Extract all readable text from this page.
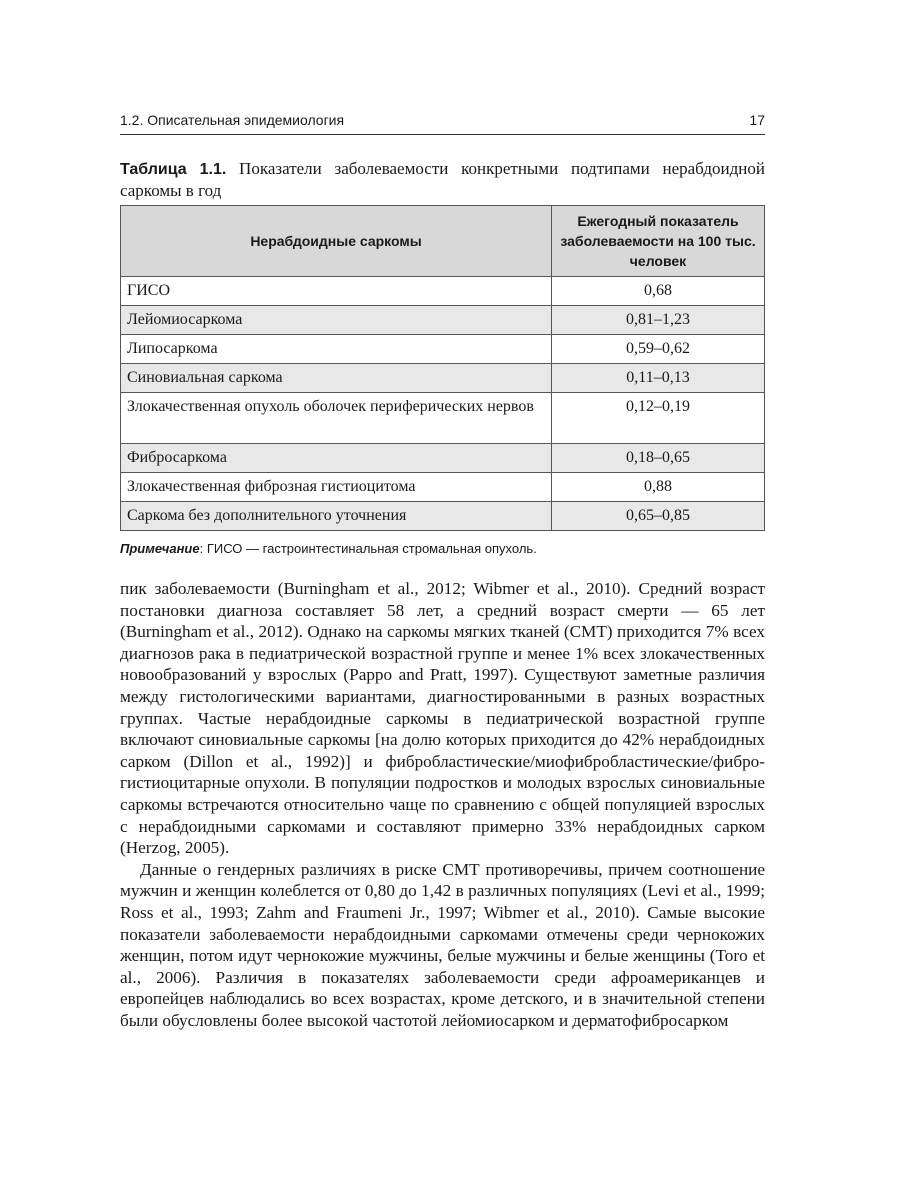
1.2. Описательная эпидемиология	17
Таблица 1.1. Показатели заболеваемости конкретными подтипами нерабдоидной саркомы в год
Нерабдоидные саркомы	Ежегодный показатель заболеваемости на 100 тыс. человек
ГИСО	0,68
Лейомиосаркома	0,81–1,23
Липосаркома	0,59–0,62
Синовиальная саркома	0,11–0,13
Злокачественная опухоль оболочек периферических нервов	0,12–0,19
Фибросаркома	0,18–0,65
Злокачественная фиброзная гистиоцитома	0,88
Саркома без дополнительного уточнения	0,65–0,85
Примечание: ГИСО — гастроинтестинальная стромальная опухоль.

пик заболеваемости (Burningham et al., 2012; Wibmer et al., 2010). Средний возраст постановки диагноза составляет 58 лет, а средний возраст смерти — 65 лет (Burningham et al., 2012). Однако на саркомы мягких тканей (СМТ) приходится 7% всех диагнозов рака в педиатрической возрастной группе и менее 1% всех злокачественных новообразований у взрослых (Pappo and Pratt, 1997). Существуют заметные различия между гистологическими вариантами, диагностированными в разных возрастных группах. Частые нерабдоидные саркомы в педиатрической возрастной группе включают синовиальные саркомы [на долю которых приходится до 42% нерабдоидных сарком (Dillon et al., 1992)] и фибробластические/миофибробластические/фиброгистиоцитарные опухоли. В популяции подростков и молодых взрослых синовиальные саркомы встречаются относительно чаще по сравнению с общей популяцией взрослых с нерабдоидными саркомами и составляют примерно 33% нерабдоидных сарком (Herzog, 2005).

Данные о гендерных различиях в риске СМТ противоречивы, причем соотношение мужчин и женщин колеблется от 0,80 до 1,42 в различных популяциях (Levi et al., 1999; Ross et al., 1993; Zahm and Fraumeni Jr., 1997; Wibmer et al., 2010). Самые высокие показатели заболеваемости нерабдоидными саркомами отмечены среди чернокожих женщин, потом идут чернокожие мужчины, белые мужчины и белые женщины (Toro et al., 2006). Различия в показателях заболеваемости среди афроамериканцев и европейцев наблюдались во всех возрастах, кроме детского, и в значительной степени были обусловлены более высокой частотой лейомиосарком и дерматофибросарком
